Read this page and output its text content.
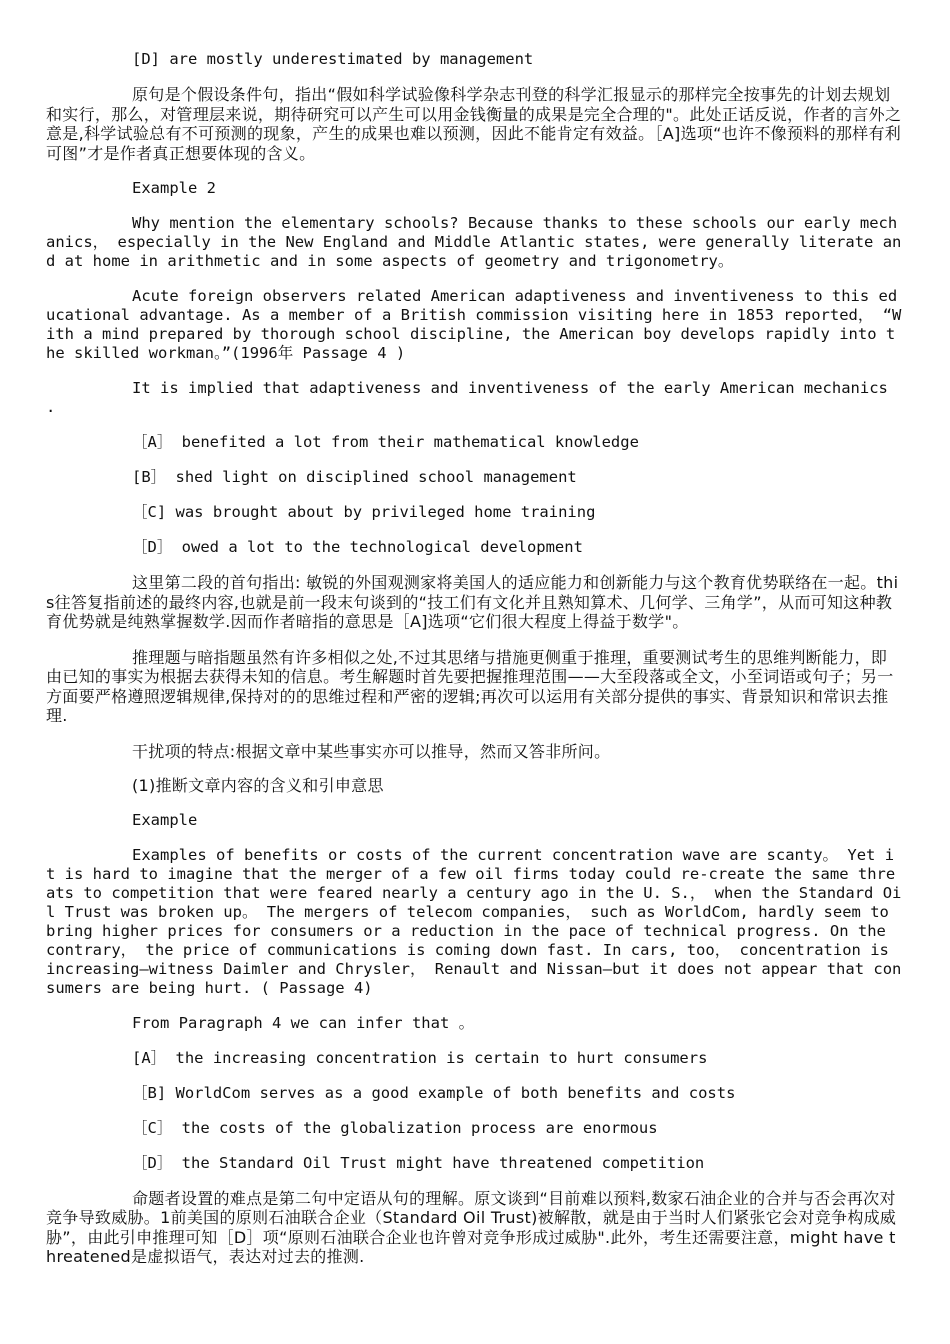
[D] are mostly underestimated by management

原句是个假设条件句，指出“假如科学试验像科学杂志刊登的科学汇报显示的那样完全按事先的计划去规划和实行，那么，对管理层来说，期待研究可以产生可以用金钱衡量的成果是完全合理的"。此处正话反说，作者的言外之意是,科学试验总有不可预测的现象，产生的成果也难以预测，因此不能肯定有效益。［A]选项“也许不像预料的那样有利可图”才是作者真正想要体现的含义。

Example 2

Why mention the elementary schools? Because thanks to these schools our early mechanics， especially in the New England and Middle Atlantic states, were generally literate and at home in arithmetic and in some aspects of geometry and trigonometry。

Acute foreign observers related American adaptiveness and inventiveness to this educational advantage. As a member of a British commission visiting here in 1853 reported， “With a mind prepared by thorough school discipline, the American boy develops rapidly into the skilled workman。”(1996年 Passage 4 )

It is implied that adaptiveness and inventiveness of the early American mechanics .

［A］ benefited a lot from their mathematical knowledge

[B］ shed light on disciplined school management

［C] was brought about by privileged home training

［D］ owed a lot to the technological development

这里第二段的首句指出: 敏锐的外国观测家将美国人的适应能力和创新能力与这个教育优势联络在一起。this往答复指前述的最终内容,也就是前一段末句谈到的“技工们有文化并且熟知算术、几何学、三角学”，从而可知这种教育优势就是纯熟掌握数学.因而作者暗指的意思是［A]选项“它们很大程度上得益于数学"。

推理题与暗指题虽然有许多相似之处,不过其思绪与措施更侧重于推理，重要测试考生的思维判断能力，即由已知的事实为根据去获得未知的信息。考生解题时首先要把握推理范围——大至段落或全文，小至词语或句子；另一方面要严格遵照逻辑规律,保持对的的思维过程和严密的逻辑;再次可以运用有关部分提供的事实、背景知识和常识去推理.

干扰项的特点:根据文章中某些事实亦可以推导，然而又答非所问。

(1)推断文章内容的含义和引申意思

Example

Examples of benefits or costs of the current concentration wave are scanty。 Yet it is hard to imagine that the merger of a few oil firms today could re-create the same threats to competition that were feared nearly a century ago in the U. S.， when the Standard Oil Trust was broken up。 The mergers of telecom companies， such as WorldCom, hardly seem to bring higher prices for consumers or a reduction in the pace of technical progress. On the contrary， the price of communications is coming down fast. In cars, too， concentration is increasing—witness Daimler and Chrysler， Renault and Nissan—but it does not appear that consumers are being hurt. ( Passage 4)

From Paragraph 4 we can infer that 。

[A］ the increasing concentration is certain to hurt consumers

［B] WorldCom serves as a good example of both benefits and costs

［C］ the costs of the globalization process are enormous

［D］ the Standard Oil Trust might have threatened competition

命题者设置的难点是第二句中定语从句的理解。原文谈到“目前难以预料,数家石油企业的合并与否会再次对竞争导致威胁。1前美国的原则石油联合企业（Standard Oil Trust)被解散，就是由于当时人们紧张它会对竞争构成威胁”，由此引申推理可知［D］项“原则石油联合企业也许曾对竞争形成过威胁".此外，考生还需要注意，might have threatened是虚拟语气，表达对过去的推测.
